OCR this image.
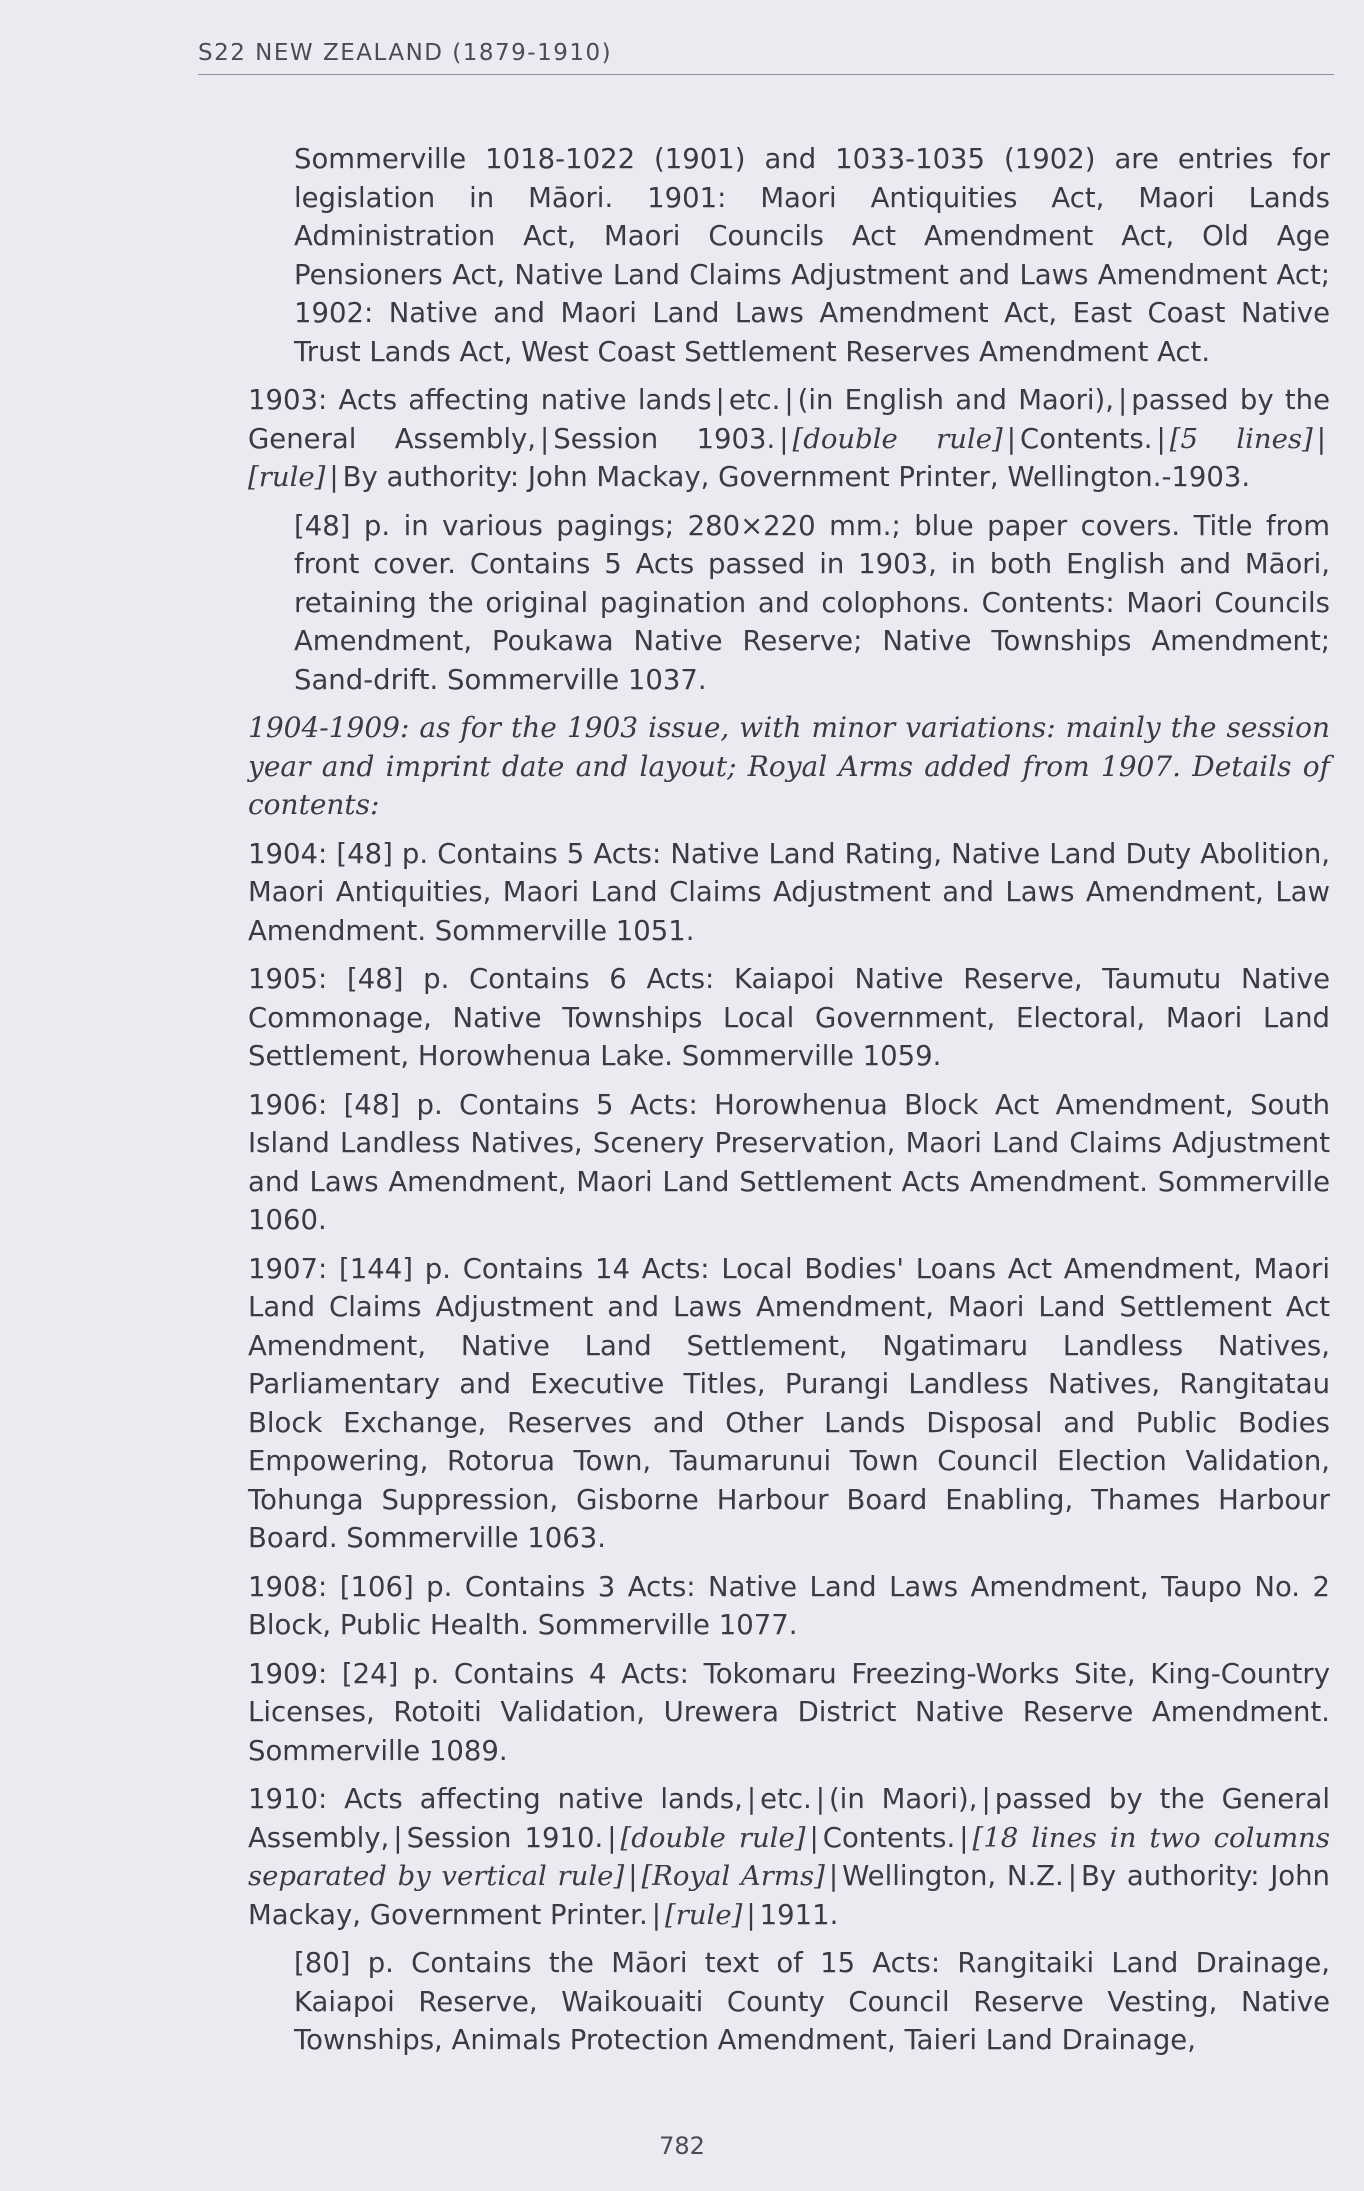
S22 NEW ZEALAND (1879-1910)

Sommerville 1018-1022 (1901) and 1033-1035 (1902) are entries for legislation in Māori. 1901: Maori Antiquities Act, Maori Lands Administration Act, Maori Councils Act Amendment Act, Old Age Pensioners Act, Native Land Claims Adjustment and Laws Amendment Act; 1902: Native and Maori Land Laws Amendment Act, East Coast Native Trust Lands Act, West Coast Settlement Reserves Amendment Act.

1903: Acts affecting native lands | etc. | (in English and Maori), | passed by the General Assembly, | Session 1903. | [double rule] | Contents. | [5 lines] |[rule] | By authority: John Mackay, Government Printer, Wellington.-1903.

[48] p. in various pagings; 280×220 mm.; blue paper covers. Title from front cover. Contains 5 Acts passed in 1903, in both English and Māori, retaining the original pagination and colophons. Contents: Maori Councils Amendment, Poukawa Native Reserve; Native Townships Amendment; Sand-drift. Sommerville 1037.

1904-1909: as for the 1903 issue, with minor variations: mainly the session year and imprint date and layout; Royal Arms added from 1907. Details of contents:

1904: [48] p. Contains 5 Acts: Native Land Rating, Native Land Duty Abolition, Maori Antiquities, Maori Land Claims Adjustment and Laws Amendment, Law Amendment. Sommerville 1051.

1905: [48] p. Contains 6 Acts: Kaiapoi Native Reserve, Taumutu Native Commonage, Native Townships Local Government, Electoral, Maori Land Settlement, Horowhenua Lake. Sommerville 1059.

1906: [48] p. Contains 5 Acts: Horowhenua Block Act Amendment, South Island Landless Natives, Scenery Preservation, Maori Land Claims Adjustment and Laws Amendment, Maori Land Settlement Acts Amendment. Sommerville 1060.

1907: [144] p. Contains 14 Acts: Local Bodies' Loans Act Amendment, Maori Land Claims Adjustment and Laws Amendment, Maori Land Settlement Act Amendment, Native Land Settlement, Ngatimaru Landless Natives, Parliamentary and Executive Titles, Purangi Landless Natives, Rangitatau Block Exchange, Reserves and Other Lands Disposal and Public Bodies Empowering, Rotorua Town, Taumarunui Town Council Election Validation, Tohunga Suppression, Gisborne Harbour Board Enabling, Thames Harbour Board. Sommerville 1063.

1908: [106] p. Contains 3 Acts: Native Land Laws Amendment, Taupo No. 2 Block, Public Health. Sommerville 1077.

1909: [24] p. Contains 4 Acts: Tokomaru Freezing-Works Site, King-Country Licenses, Rotoiti Validation, Urewera District Native Reserve Amendment. Sommerville 1089.

1910: Acts affecting native lands, | etc. | (in Maori), | passed by the General Assembly, | Session 1910. | [double rule] | Contents. | [18 lines in two columns separated by vertical rule] | [Royal Arms] | Wellington, N.Z. | By authority: John Mackay, Government Printer. | [rule] | 1911.

[80] p. Contains the Māori text of 15 Acts: Rangitaiki Land Drainage, Kaiapoi Reserve, Waikouaiti County Council Reserve Vesting, Native Townships, Animals Protection Amendment, Taieri Land Drainage,

782
